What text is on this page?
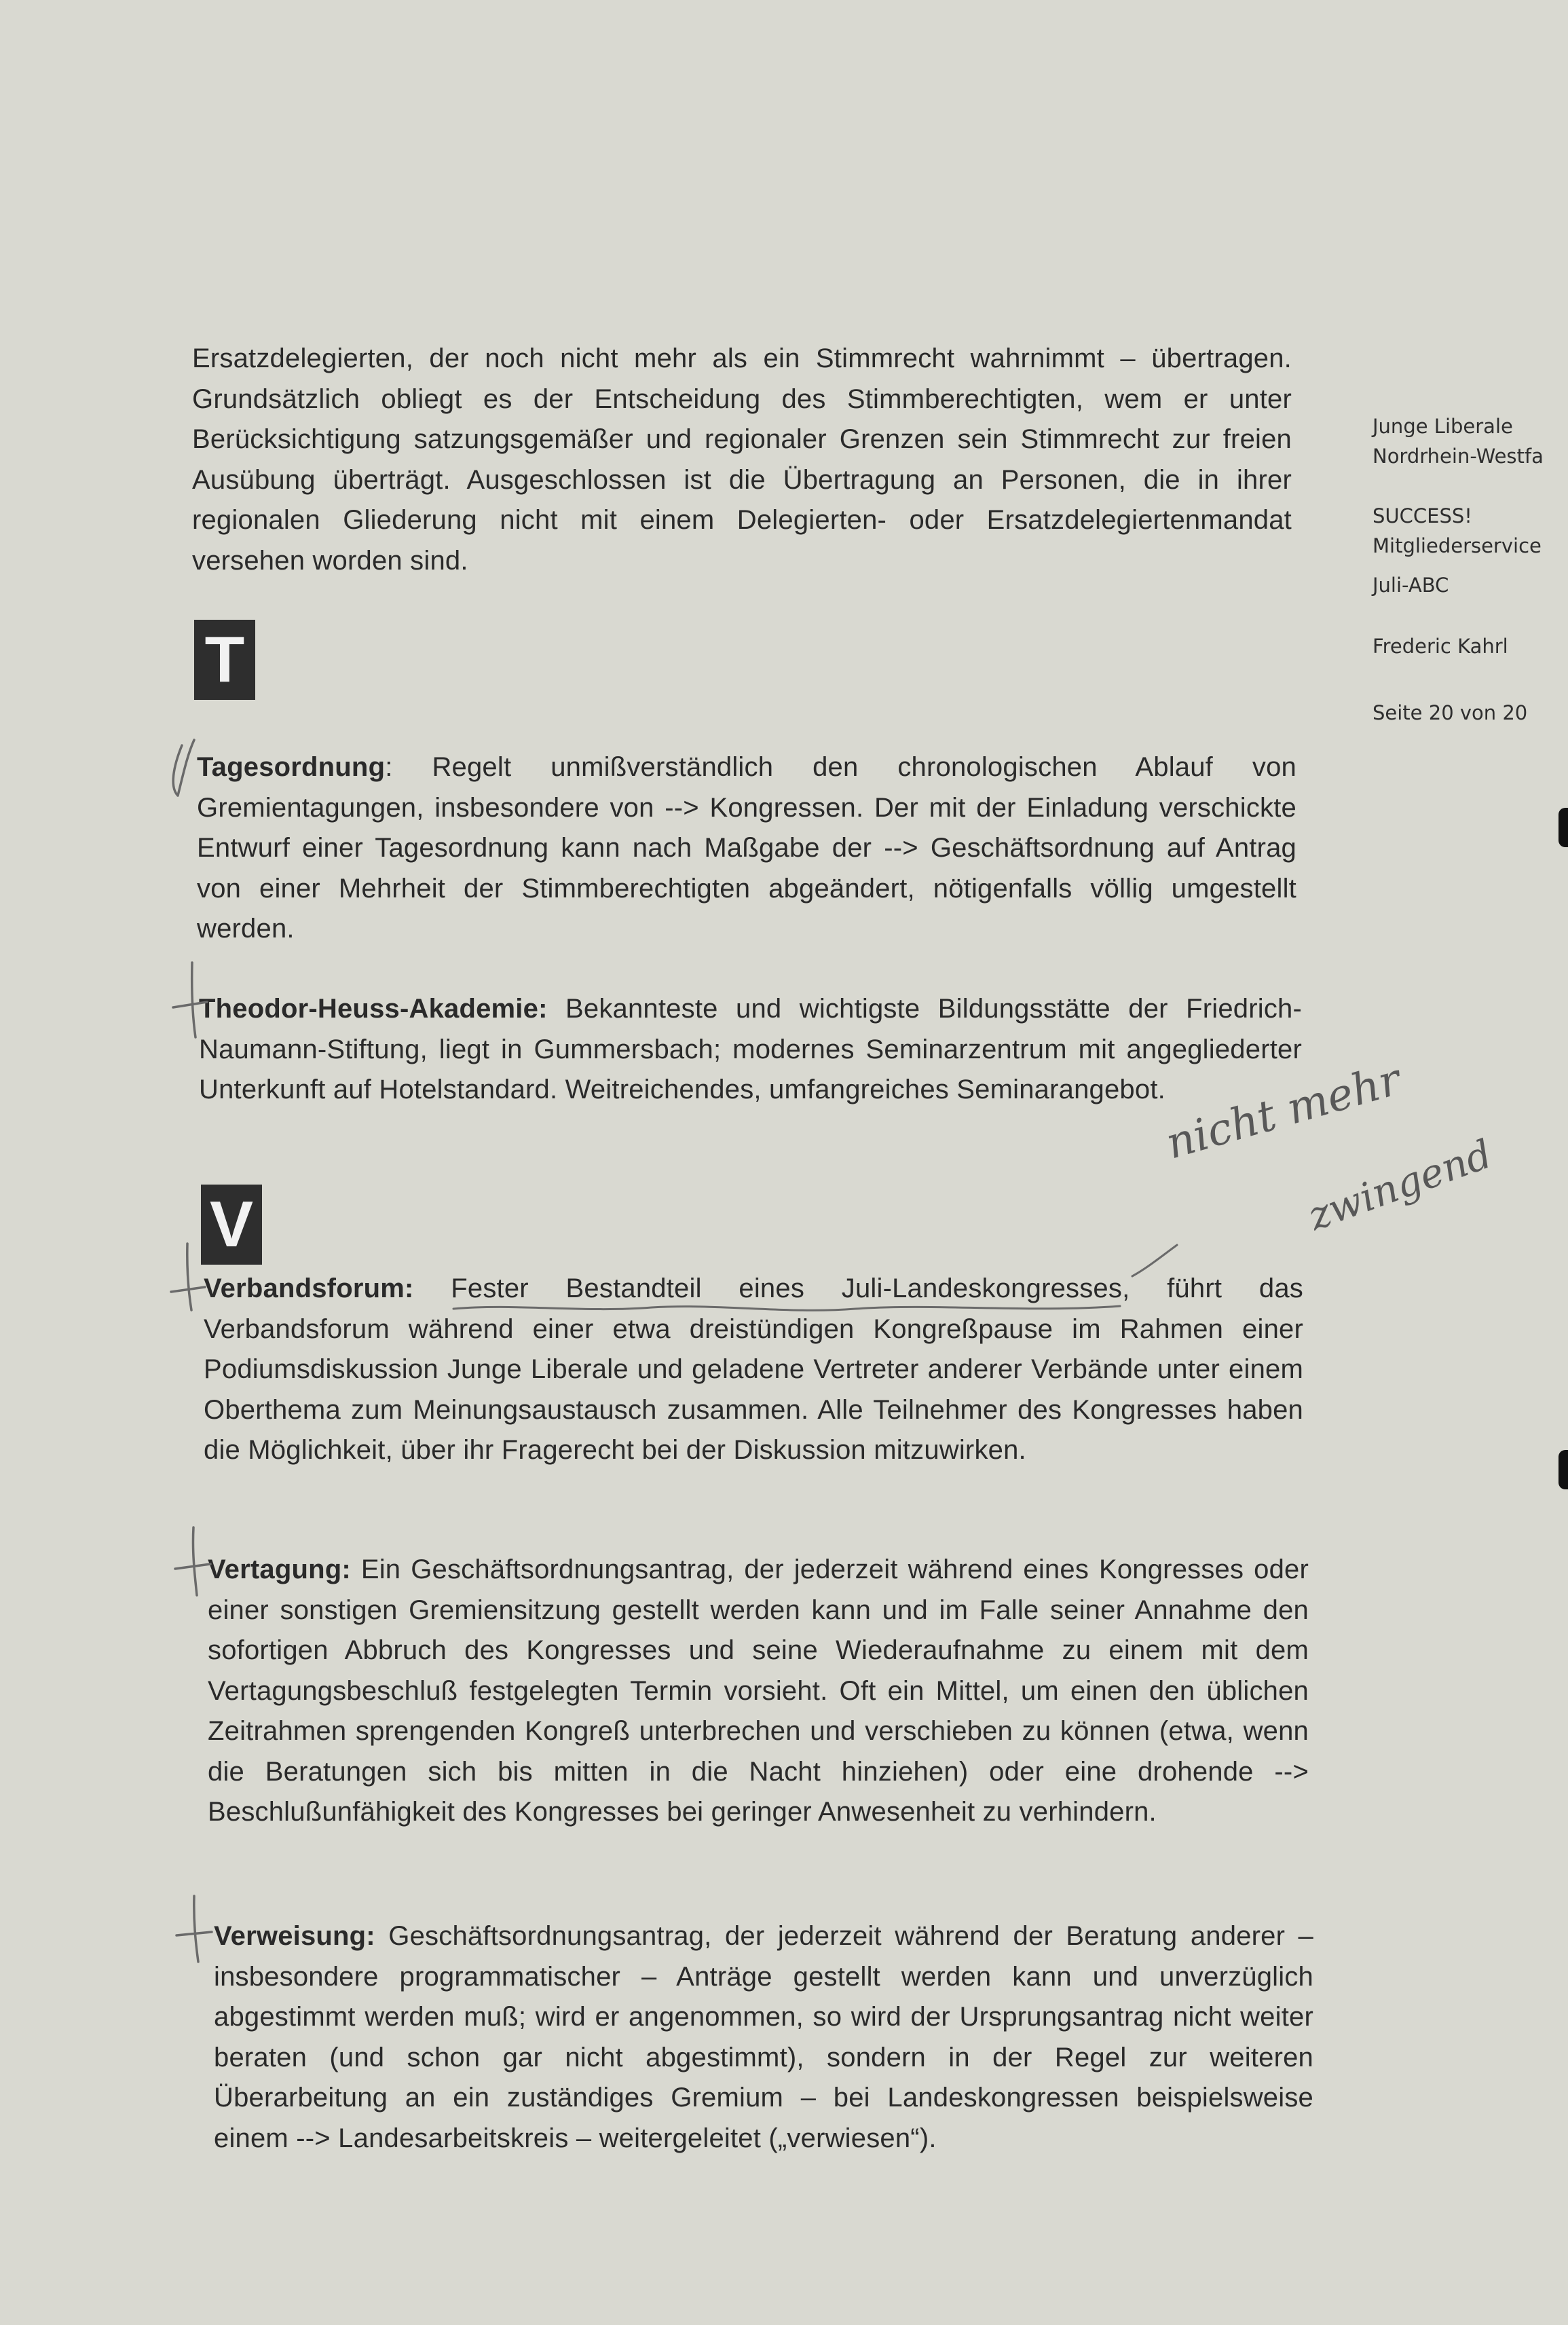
Junge Liberale
Nordrhein-Westfa
SUCCESS!
Mitgliederservice
Juli-ABC
Frederic Kahrl
Seite 20 von 20
Ersatzdelegierten, der noch nicht mehr als ein Stimmrecht wahrnimmt – übertragen. Grundsätzlich obliegt es der Entscheidung des Stimmberechtigten, wem er unter Berücksichtigung satzungsgemäßer und regionaler Grenzen sein Stimmrecht zur freien Ausübung überträgt. Ausgeschlossen ist die Übertragung an Personen, die in ihrer regionalen Gliederung nicht mit einem Delegierten- oder Ersatzdelegiertenmandat versehen worden sind.
T
Tagesordnung: Regelt unmißverständlich den chronologischen Ablauf von Gremientagungen, insbesondere von --> Kongressen. Der mit der Einladung verschickte Entwurf einer Tagesordnung kann nach Maßgabe der --> Geschäftsordnung auf Antrag von einer Mehrheit der Stimmberechtigten abgeändert, nötigenfalls völlig umgestellt werden.
Theodor-Heuss-Akademie: Bekannteste und wichtigste Bildungsstätte der Friedrich-Naumann-Stiftung, liegt in Gummersbach; modernes Seminarzentrum mit angegliederter Unterkunft auf Hotelstandard. Weitreichendes, umfangreiches Seminarangebot.
V
Verbandsforum: Fester Bestandteil eines Juli-Landeskongresses, führt das Verbandsforum während einer etwa dreistündigen Kongreßpause im Rahmen einer Podiumsdiskussion Junge Liberale und geladene Vertreter anderer Verbände unter einem Oberthema zum Meinungsaustausch zusammen. Alle Teilnehmer des Kongresses haben die Möglichkeit, über ihr Fragerecht bei der Diskussion mitzuwirken.
Vertagung: Ein Geschäftsordnungsantrag, der jederzeit während eines Kongresses oder einer sonstigen Gremiensitzung gestellt werden kann und im Falle seiner Annahme den sofortigen Abbruch des Kongresses und seine Wiederaufnahme zu einem mit dem Vertagungsbeschluß festgelegten Termin vorsieht. Oft ein Mittel, um einen den üblichen Zeitrahmen sprengenden Kongreß unterbrechen und verschieben zu können (etwa, wenn die Beratungen sich bis mitten in die Nacht hinziehen) oder eine drohende --> Beschlußunfähigkeit des Kongresses bei geringer Anwesenheit zu verhindern.
Verweisung: Geschäftsordnungsantrag, der jederzeit während der Beratung anderer – insbesondere programmatischer – Anträge gestellt werden kann und unverzüglich abgestimmt werden muß; wird er angenommen, so wird der Ursprungsantrag nicht weiter beraten (und schon gar nicht abgestimmt), sondern in der Regel zur weiteren Überarbeitung an ein zuständiges Gremium – bei Landeskongressen beispielsweise einem --> Landesarbeitskreis – weitergeleitet („verwiesen“).
nicht mehr
zwingend
